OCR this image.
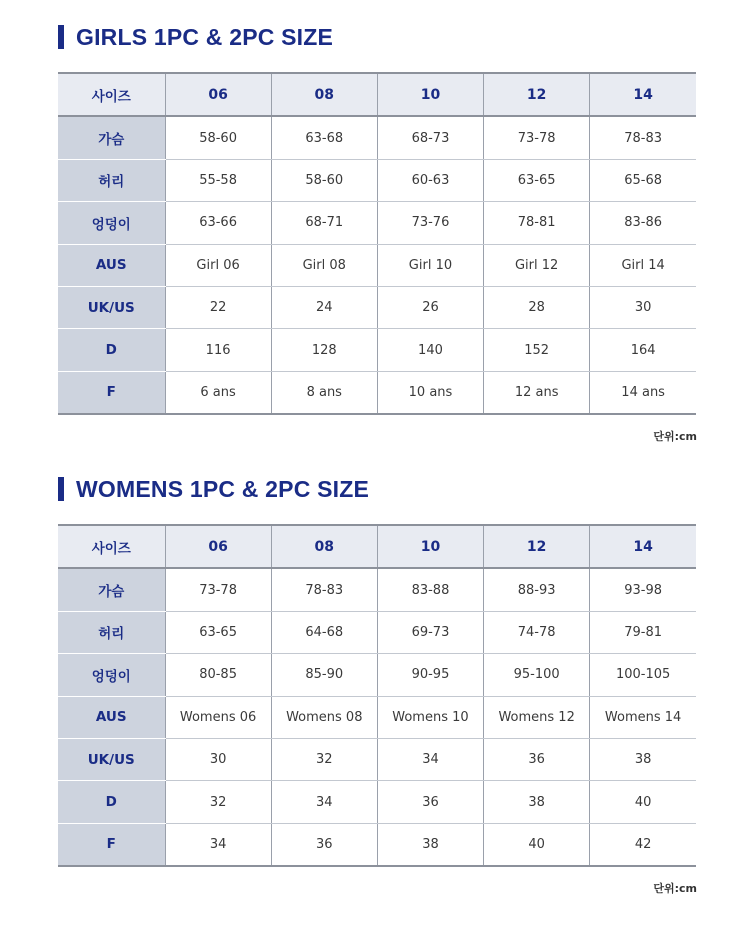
GIRLS 1PC & 2PC SIZE
사이즈	06	08	10	12	14
가슴	58-60	63-68	68-73	73-78	78-83
허리	55-58	58-60	60-63	63-65	65-68
엉덩이	63-66	68-71	73-76	78-81	83-86
AUS	Girl 06	Girl 08	Girl 10	Girl 12	Girl 14
UK/US	22	24	26	28	30
D	116	128	140	152	164
F	6 ans	8 ans	10 ans	12 ans	14 ans
단위:cm
WOMENS 1PC & 2PC SIZE
사이즈	06	08	10	12	14
가슴	73-78	78-83	83-88	88-93	93-98
허리	63-65	64-68	69-73	74-78	79-81
엉덩이	80-85	85-90	90-95	95-100	100-105
AUS	Womens 06	Womens 08	Womens 10	Womens 12	Womens 14
UK/US	30	32	34	36	38
D	32	34	36	38	40
F	34	36	38	40	42
단위:cm
